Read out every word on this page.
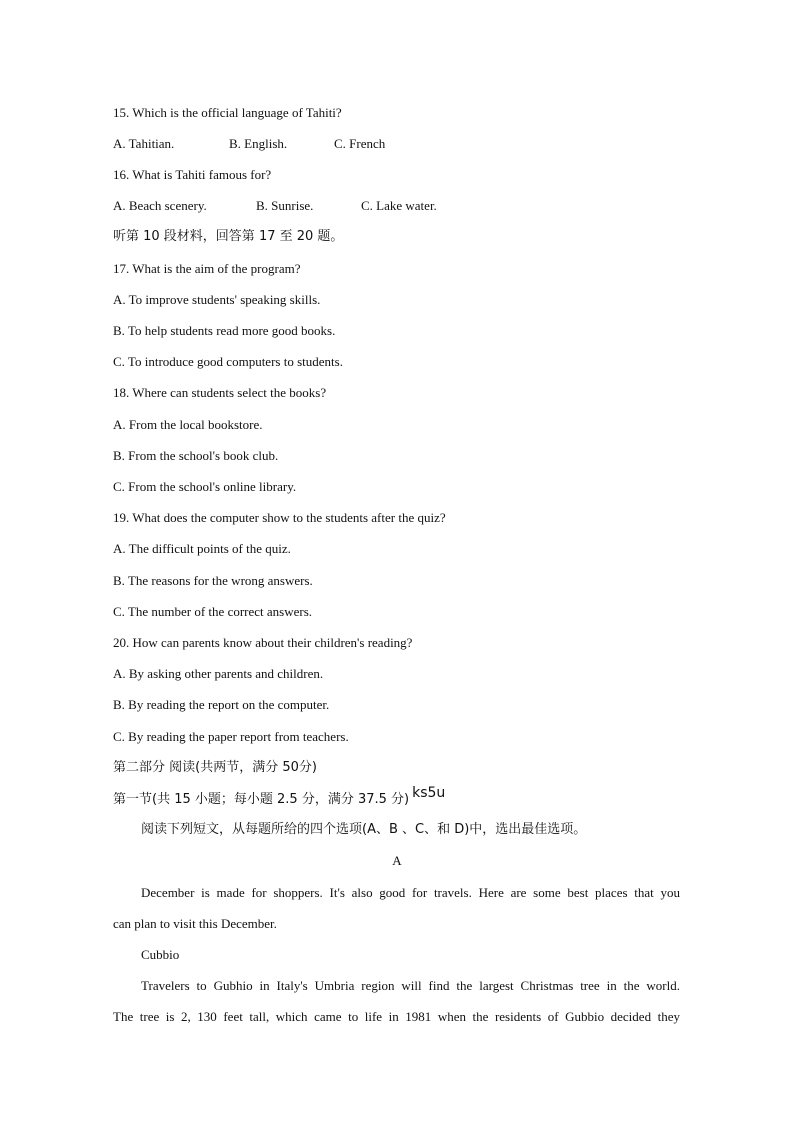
15. Which is the official language of Tahiti?
A. Tahitian.	B. English.	C. French
16. What is Tahiti famous for?
A. Beach scenery.	B. Sunrise.	C. Lake water.
听第 10 段材料，回答第 17 至 20 题。
17. What is the aim of the program?
A. To improve students' speaking skills.
B. To help students read more good books.
C. To introduce good computers to students.
18. Where can students select the books?
A. From the local bookstore.
B. From the school's book club.
C. From the school's online library.
19. What does the computer show to the students after the quiz?
A. The difficult points of the quiz.
B. The reasons for the wrong answers.
C. The number of the correct answers.
20. How can parents know about their children's reading?
A. By asking other parents and children.
B. By reading the report on the computer.
C. By reading the paper report from teachers.
第二部分 阅读(共两节，满分 50分)
第一节(共 15 小题；每小题 2.5 分，满分 37.5 分) ks5u
阅读下列短文，从每题所给的四个选项(A、B 、C、和 D)中，选出最佳选项。
A
December is made for shoppers. It's also good for travels. Here are some best places that you
can plan to visit this December.
Cubbio
Travelers to Gubhio in Italy's Umbria region will find the largest Christmas tree in the world.
The tree is 2, 130 feet tall, which came to life in 1981 when the residents of Gubbio decided they
